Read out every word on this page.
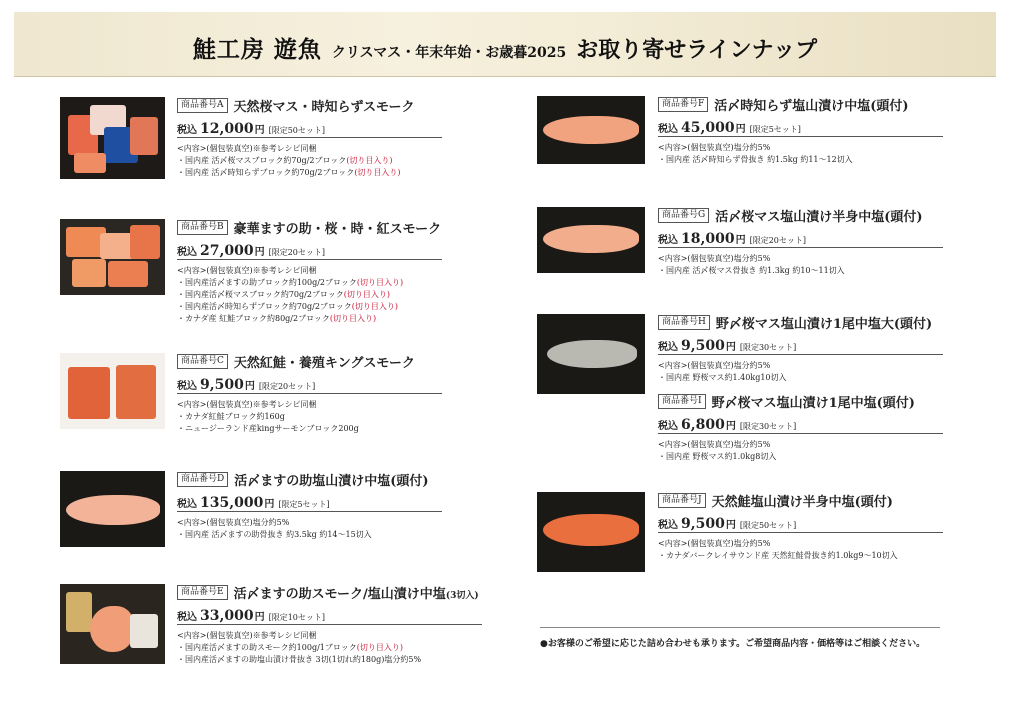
鮭工房 遊魚 クリスマス・年末年始・お歳暮2025 お取り寄せラインナップ
商品番号A 天然桜マス・時知らずスモーク
税込 12,000円 [限定50セット]
<内容>(個包装真空)※参考レシピ同梱
・国内産 活〆桜マスブロック約70g/2ブロック(切り目入り)
・国内産 活〆時知らずブロック約70g/2ブロック(切り目入り)
商品番号B 豪華ますの助・桜・時・紅スモーク
税込 27,000円 [限定20セット]
<内容>(個包装真空)※参考レシピ同梱
・国内産活〆ますの助ブロック約100g/2ブロック(切り目入り)
・国内産活〆桜マスブロック約70g/2ブロック(切り目入り)
・国内産活〆時知らずブロック約70g/2ブロック(切り目入り)
・カナダ産 紅鮭ブロック約80g/2ブロック(切り目入り)
商品番号C 天然紅鮭・養殖キングスモーク
税込 9,500円 [限定20セット]
<内容>(個包装真空)※参考レシピ同梱
・カナダ紅鮭ブロック約160g
・ニュージーランド産kingサーモンブロック200g
商品番号D 活〆ますの助塩山漬け中塩(頭付)
税込 135,000円 [限定5セット]
<内容>(個包装真空)塩分約5%
・国内産 活〆ますの助骨抜き 約3.5kg 約14〜15切入
商品番号E 活〆ますの助スモーク/塩山漬け中塩(3切入)
税込 33,000円 [限定10セット]
<内容>(個包装真空)※参考レシピ同梱
・国内産活〆ますの助スモーク約100g/1ブロック(切り目入り)
・国内産活〆ますの助塩山漬け骨抜き 3切(1切れ約180g)塩分約5%
商品番号F 活〆時知らず塩山漬け中塩(頭付)
税込 45,000円 [限定5セット]
<内容>(個包装真空)塩分約5%
・国内産 活〆時知らず骨抜き 約1.5kg 約11〜12切入
商品番号G 活〆桜マス塩山漬け半身中塩(頭付)
税込 18,000円 [限定20セット]
<内容>(個包装真空)塩分約5%
・国内産 活〆桜マス骨抜き 約1.3kg 約10〜11切入
商品番号H 野〆桜マス塩山漬け1尾中塩大(頭付)
税込 9,500円 [限定30セット]
<内容>(個包装真空)塩分約5%
・国内産 野桜マス約1.40kg10切入
商品番号I 野〆桜マス塩山漬け1尾中塩(頭付)
税込 6,800円 [限定30セット]
<内容>(個包装真空)塩分約5%
・国内産 野桜マス約1.0kg8切入
商品番号J 天然鮭塩山漬け半身中塩(頭付)
税込 9,500円 [限定50セット]
<内容>(個包装真空)塩分約5%
・カナダバークレイサウンド産 天然紅鮭骨抜き約1.0kg9〜10切入
●お客様のご希望に応じた詰め合わせも承ります。ご希望商品内容・価格等はご相談ください。
